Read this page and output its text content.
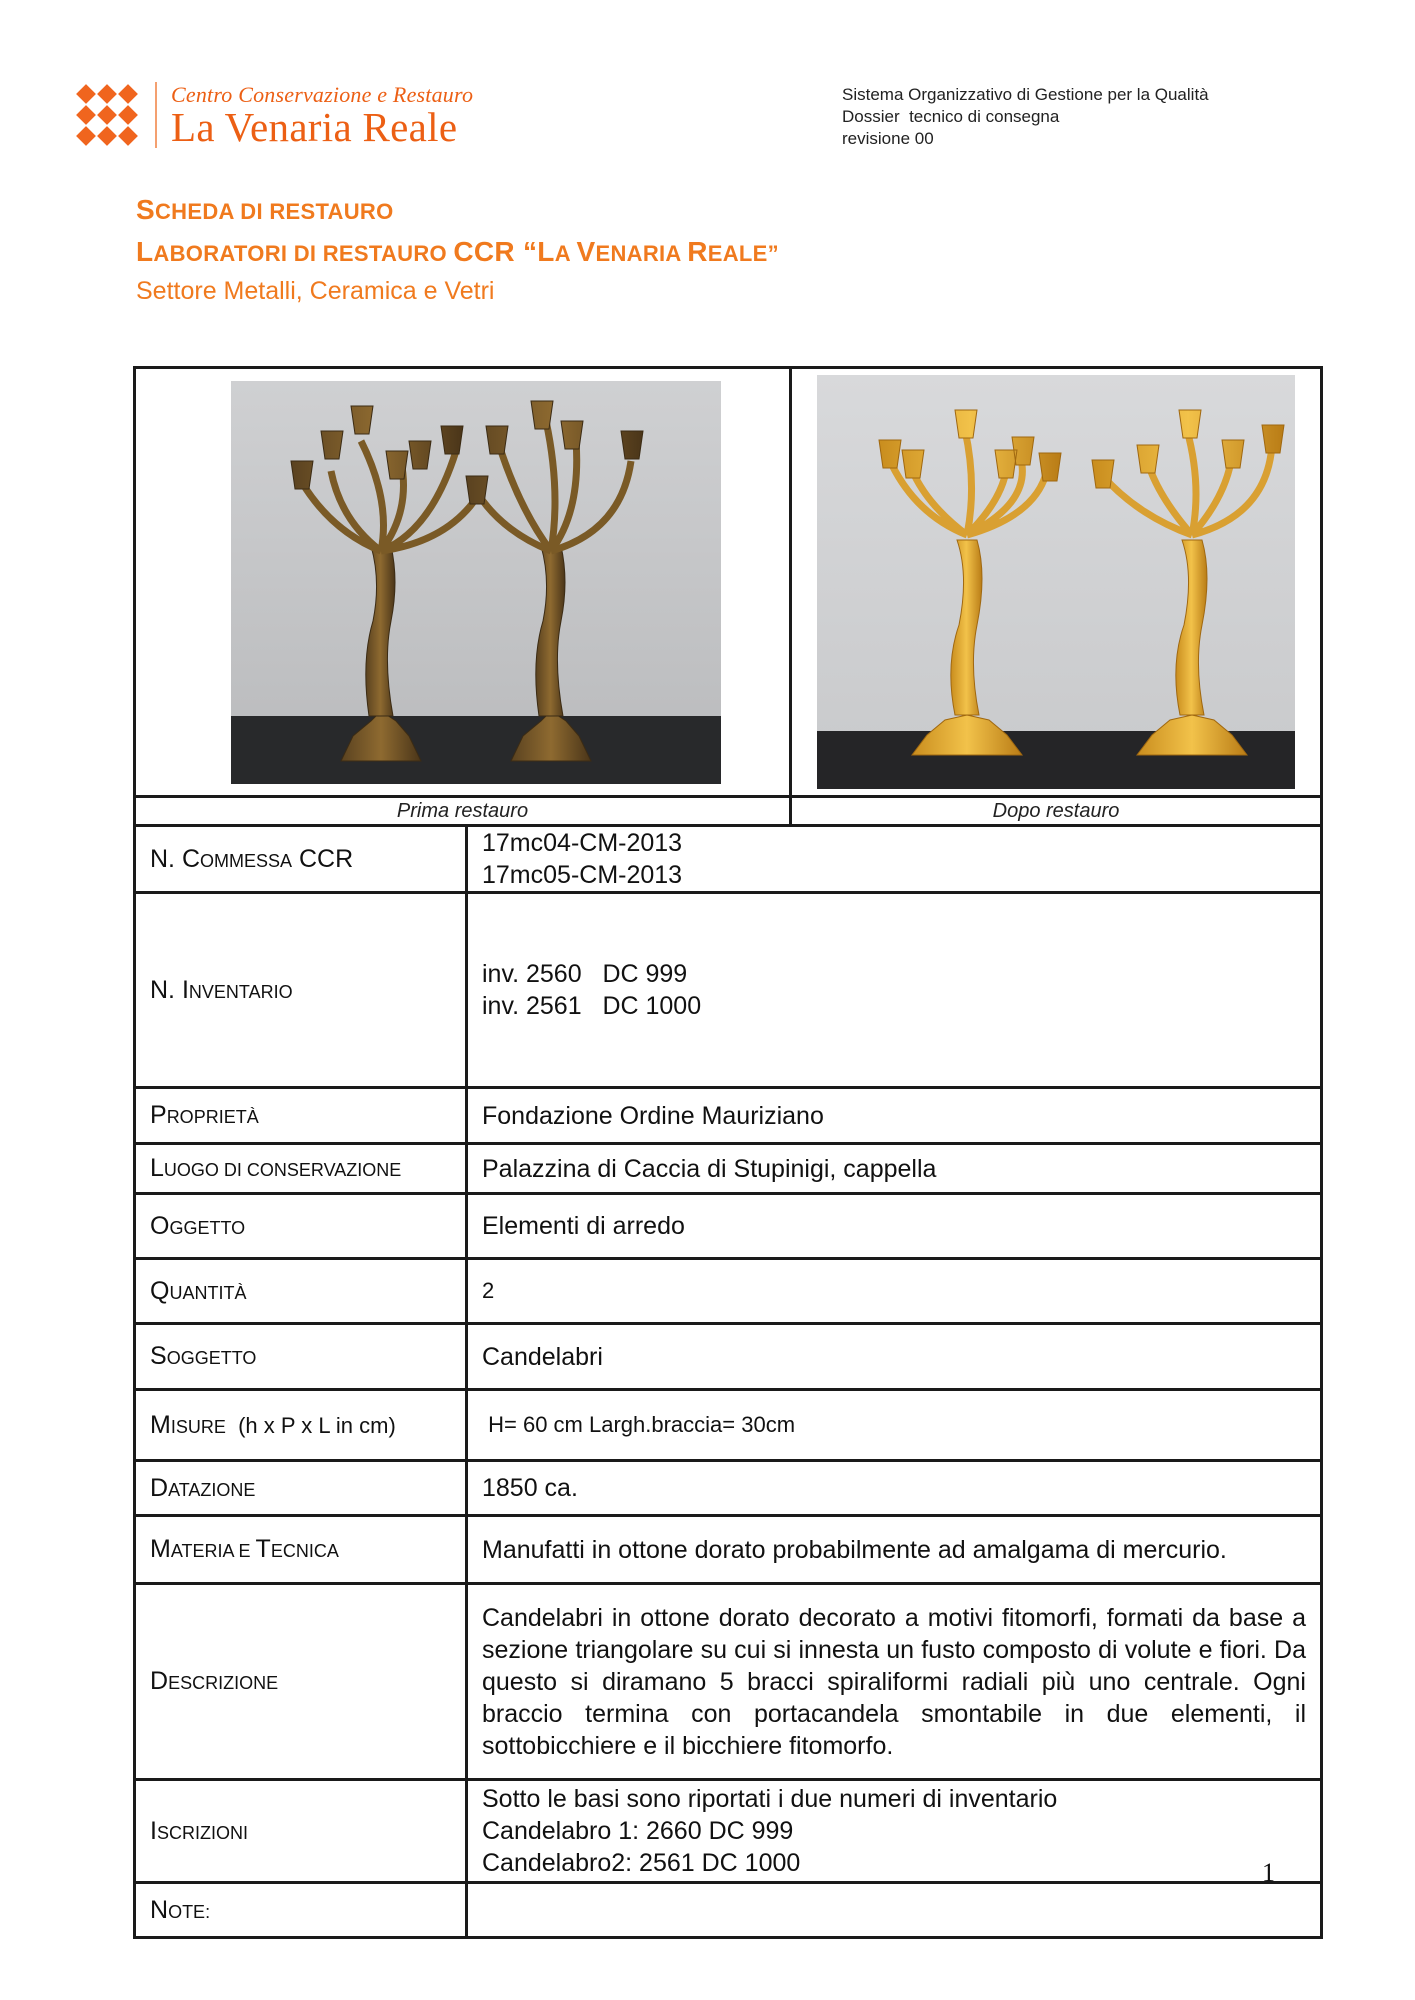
Centro Conservazione e Restauro
La Venaria Reale
Sistema Organizzativo di Gestione per la Qualità
Dossier  tecnico di consegna
revisione 00
SCHEDA DI RESTAURO
LABORATORI DI RESTAURO CCR “LA VENARIA REALE”
Settore Metalli, Ceramica e Vetri

Prima restauro		Dopo restauro
N. COMMESSA CCR	17mc04-CM-2013
17mc05-CM-2013	

N. INVENTARIO	inv. 2560   DC 999
inv. 2561   DC 1000	

PROPRIETÀ	Fondazione Ordine Mauriziano	
LUOGO DI CONSERVAZIONE	Palazzina di Caccia di Stupinigi, cappella	
OGGETTO	Elementi di arredo	
QUANTITÀ	2	
SOGGETTO	Candelabri	
MISURE  (h x P x L in cm)	H= 60 cm Largh.braccia= 30cm	
DATAZIONE	1850 ca.	
MATERIA E TECNICA	Manufatti in ottone dorato probabilmente ad amalgama di mercurio.	
DESCRIZIONE	Candelabri in ottone dorato decorato a motivi fitomorfi, formati da base a sezione triangolare su cui si innesta un fusto composto di volute e fiori. Da questo si diramano 5 bracci spiraliformi radiali più uno centrale. Ogni braccio termina con portacandela smontabile in due elementi, il sottobicchiere e il bicchiere fitomorfo.	
ISCRIZIONI	Sotto le basi sono riportati i due numeri di inventario
Candelabro 1: 2660 DC 999
Candelabro2: 2561 DC 1000	

NOTE:		
1
